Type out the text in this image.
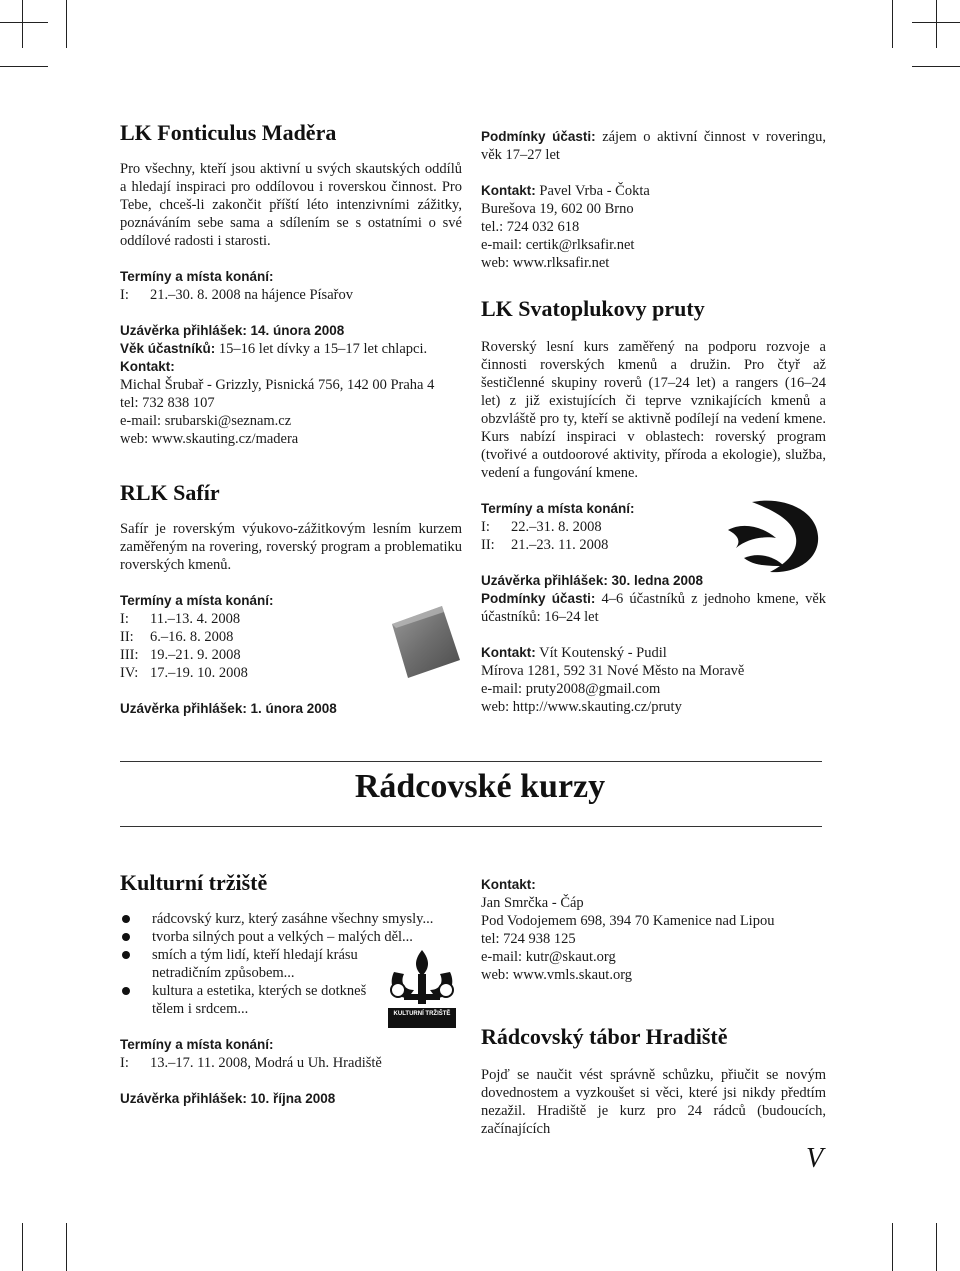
LK Fonticulus Maděra

Pro všechny, kteří jsou aktivní u svých skautských oddílů a hledají inspiraci pro oddílovou i roverskou činnost. Pro Tebe, chceš-li zakončit příští léto intenzivními zážitky, poznáváním sebe sama a sdílením se s ostatními o své oddílové radosti i starosti.

Termíny a místa konání:
I:	21.–30. 8. 2008 na hájence Písařov
Uzávěrka přihlášek: 14. února 2008
Věk účastníků: 15–16 let dívky a 15–17 let chlapci.
Kontakt:
Michal Šrubař - Grizzly, Pisnická 756, 142 00 Praha 4
tel: 732 838 107
e-mail: srubarski@seznam.cz
web: www.skauting.cz/madera
RLK Safír

Safír je roverským výukovo-zážitkovým lesním kurzem zaměřeným na rovering, roverský program a problematiku roverských kmenů.

Termíny a místa konání:
I:	11.–13. 4. 2008
II:	6.–16. 8. 2008
III: 19.–21. 9. 2008
IV: 17.–19. 10. 2008
Uzávěrka přihlášek: 1. února 2008

Podmínky účasti: zájem o aktivní činnost v roveringu, věk 17–27 let

Kontakt: Pavel Vrba - Čokta
Burešova 19, 602 00 Brno
tel.: 724 032 618
e-mail: certik@rlksafir.net
web: www.rlksafir.net
LK Svatoplukovy pruty

Roverský lesní kurs zaměřený na podporu rozvoje a činnosti roverských kmenů a družin. Pro čtyř až šestičlenné skupiny roverů (17–24 let) a rangers (16–24 let) z již existujících či teprve vznikajících kmenů a obzvláště pro ty, kteří se aktivně podílejí na vedení kmene. Kurs nabízí inspiraci v oblastech: roverský program (tvořivé a outdoorové aktivity, příroda a ekologie), služba, vedení a fungování kmene.

Termíny a místa konání:
I:	22.–31. 8. 2008
II:	21.–23. 11. 2008
Uzávěrka přihlášek: 30. ledna 2008

Podmínky účasti: 4–6 účastníků z jednoho kmene, věk účastníků: 16–24 let

Kontakt: Vít Koutenský - Pudil
Mírova 1281, 592 31 Nové Město na Moravě
e-mail: pruty2008@gmail.com
web: http://www.skauting.cz/pruty
Rádcovské kurzy
Kulturní tržiště
rádcovský kurz, který zasáhne všechny smysly...
tvorba silných pout a velkých – malých děl...
smích a tým lidí, kteří hledají krásu netradičním způsobem...
kultura a estetika, kterých se dotkneš tělem i srdcem...
Termíny a místa konání:
I:	13.–17. 11. 2008, Modrá u Uh. Hradiště
Uzávěrka přihlášek: 10. října 2008
KULTURNÍ TRŽIŠTĚ
Kontakt:
Jan Smrčka - Čáp
Pod Vodojemem 698, 394 70 Kamenice nad Lipou
tel: 724 938 125
e-mail: kutr@skaut.org
web: www.vmls.skaut.org
Rádcovský tábor Hradiště

Pojď se naučit vést správně schůzku, přiučit se novým dovednostem a vyzkoušet si věci, které jsi nikdy předtím nezažil. Hradiště je kurz pro 24 rádců (budoucích, začínajících

V
